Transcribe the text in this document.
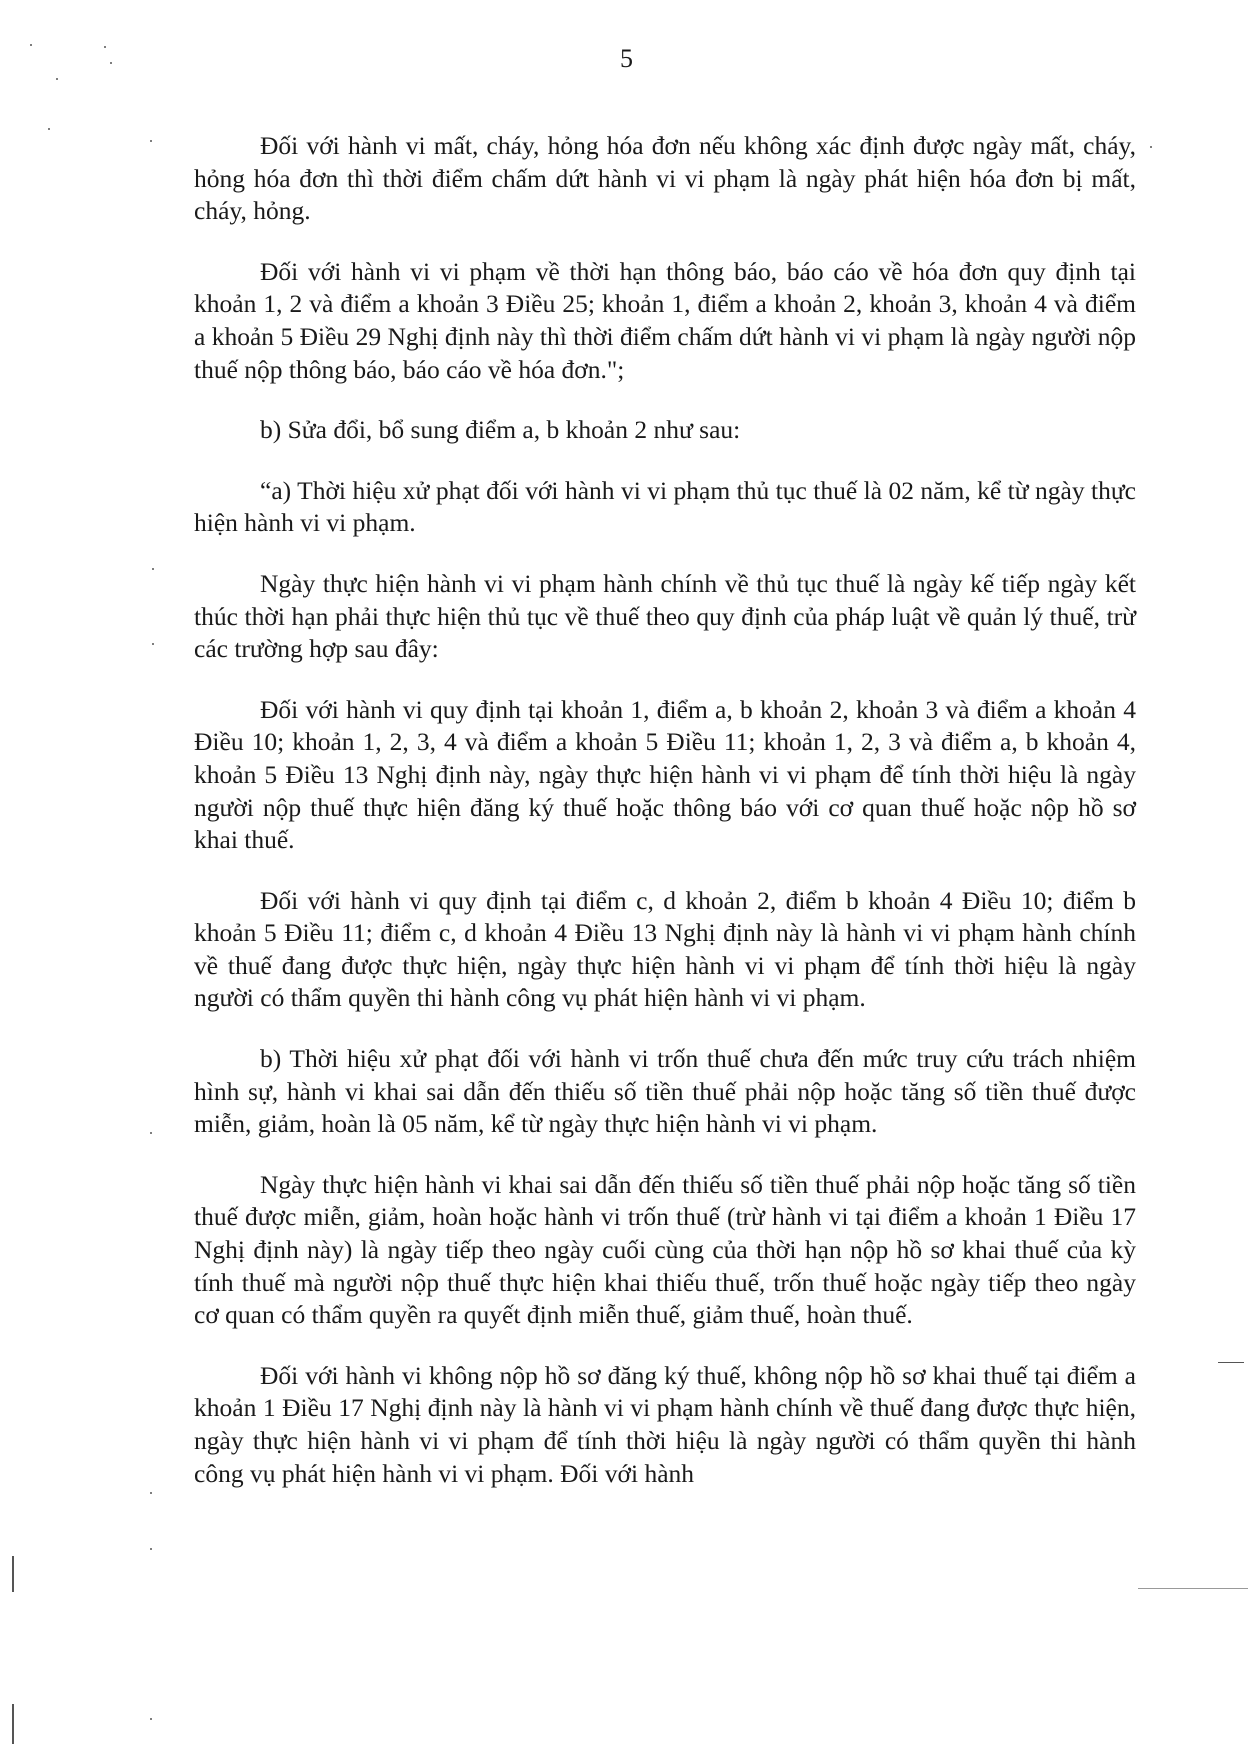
5

Đối với hành vi mất, cháy, hỏng hóa đơn nếu không xác định được ngày mất, cháy, hỏng hóa đơn thì thời điểm chấm dứt hành vi vi phạm là ngày phát hiện hóa đơn bị mất, cháy, hỏng.

Đối với hành vi vi phạm về thời hạn thông báo, báo cáo về hóa đơn quy định tại khoản 1, 2 và điểm a khoản 3 Điều 25; khoản 1, điểm a khoản 2, khoản 3, khoản 4 và điểm a khoản 5 Điều 29 Nghị định này thì thời điểm chấm dứt hành vi vi phạm là ngày người nộp thuế nộp thông báo, báo cáo về hóa đơn.";

b) Sửa đổi, bổ sung điểm a, b khoản 2 như sau:

“a) Thời hiệu xử phạt đối với hành vi vi phạm thủ tục thuế là 02 năm, kể từ ngày thực hiện hành vi vi phạm.

Ngày thực hiện hành vi vi phạm hành chính về thủ tục thuế là ngày kế tiếp ngày kết thúc thời hạn phải thực hiện thủ tục về thuế theo quy định của pháp luật về quản lý thuế, trừ các trường hợp sau đây:

Đối với hành vi quy định tại khoản 1, điểm a, b khoản 2, khoản 3 và điểm a khoản 4 Điều 10; khoản 1, 2, 3, 4 và điểm a khoản 5 Điều 11; khoản 1, 2, 3 và điểm a, b khoản 4, khoản 5 Điều 13 Nghị định này, ngày thực hiện hành vi vi phạm để tính thời hiệu là ngày người nộp thuế thực hiện đăng ký thuế hoặc thông báo với cơ quan thuế hoặc nộp hồ sơ khai thuế.

Đối với hành vi quy định tại điểm c, d khoản 2, điểm b khoản 4 Điều 10; điểm b khoản 5 Điều 11; điểm c, d khoản 4 Điều 13 Nghị định này là hành vi vi phạm hành chính về thuế đang được thực hiện, ngày thực hiện hành vi vi phạm để tính thời hiệu là ngày người có thẩm quyền thi hành công vụ phát hiện hành vi vi phạm.

b) Thời hiệu xử phạt đối với hành vi trốn thuế chưa đến mức truy cứu trách nhiệm hình sự, hành vi khai sai dẫn đến thiếu số tiền thuế phải nộp hoặc tăng số tiền thuế được miễn, giảm, hoàn là 05 năm, kể từ ngày thực hiện hành vi vi phạm.

Ngày thực hiện hành vi khai sai dẫn đến thiếu số tiền thuế phải nộp hoặc tăng số tiền thuế được miễn, giảm, hoàn hoặc hành vi trốn thuế (trừ hành vi tại điểm a khoản 1 Điều 17 Nghị định này) là ngày tiếp theo ngày cuối cùng của thời hạn nộp hồ sơ khai thuế của kỳ tính thuế mà người nộp thuế thực hiện khai thiếu thuế, trốn thuế hoặc ngày tiếp theo ngày cơ quan có thẩm quyền ra quyết định miễn thuế, giảm thuế, hoàn thuế.

Đối với hành vi không nộp hồ sơ đăng ký thuế, không nộp hồ sơ khai thuế tại điểm a khoản 1 Điều 17 Nghị định này là hành vi vi phạm hành chính về thuế đang được thực hiện, ngày thực hiện hành vi vi phạm để tính thời hiệu là ngày người có thẩm quyền thi hành công vụ phát hiện hành vi vi phạm. Đối với hành
